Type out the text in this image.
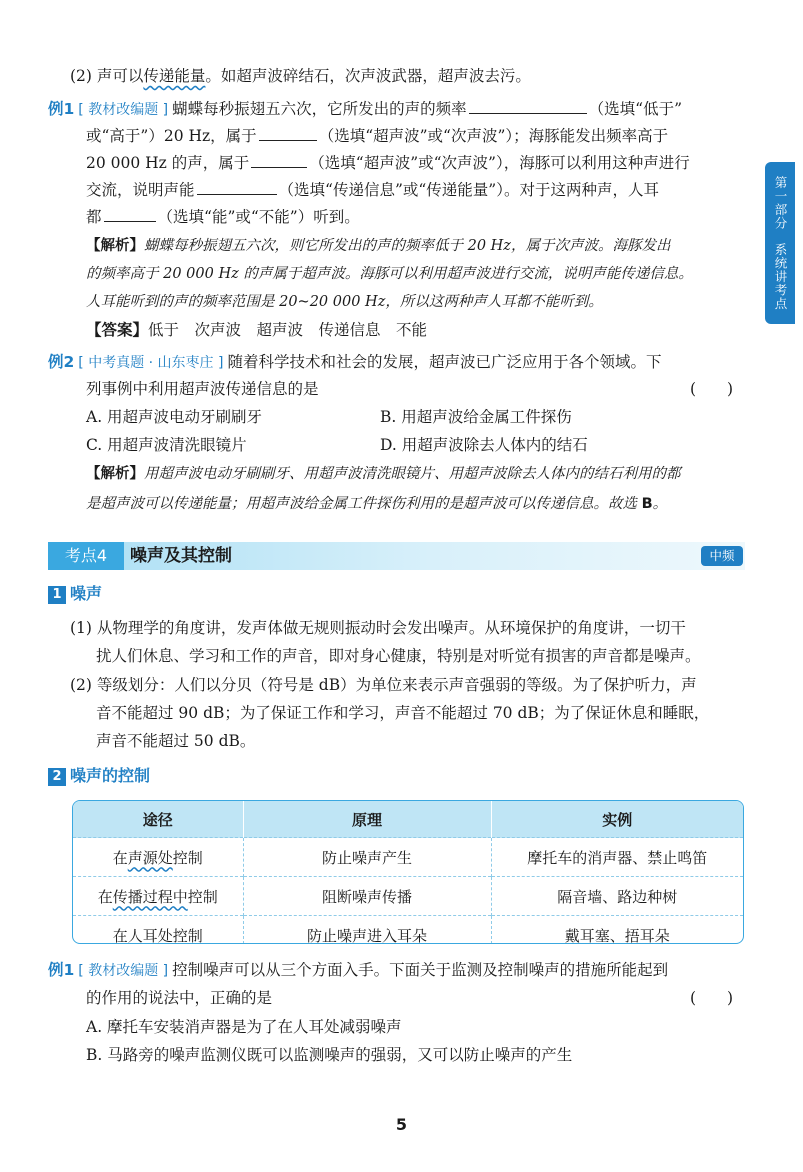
(2) 声可以传递能量。如超声波碎结石，次声波武器，超声波去污。
例1 [ 教材改编题 ] 蝴蝶每秒振翅五六次，它所发出的声的频率	（选填“低于”
或“高于”）20 Hz，属于	（选填“超声波”或“次声波”）；海豚能发出频率高于
20 000 Hz 的声，属于	（选填“超声波”或“次声波”），海豚可以利用这种声进行
交流，说明声能	（选填“传递信息”或“传递能量”）。对于这两种声，人耳
都	（选填“能”或“不能”）听到。
【解析】蝴蝶每秒振翅五六次，则它所发出的声的频率低于 20 Hz，属于次声波。海豚发出
的频率高于 20 000 Hz 的声属于超声波。海豚可以利用超声波进行交流，说明声能传递信息。
人耳能听到的声的频率范围是 20~20 000 Hz，所以这两种声人耳都不能听到。
【答案】低于　次声波　超声波　传递信息　不能
第一部分

系统讲考点
例2 [ 中考真题 · 山东枣庄 ] 随着科学技术和社会的发展，超声波已广泛应用于各个领域。下
列事例中利用超声波传递信息的是	(　　)
A. 用超声波电动牙刷刷牙	B. 用超声波给金属工件探伤
C. 用超声波清洗眼镜片	D. 用超声波除去人体内的结石
【解析】用超声波电动牙刷刷牙、用超声波清洗眼镜片、用超声波除去人体内的结石利用的都
是超声波可以传递能量；用超声波给金属工件探伤利用的是超声波可以传递信息。故选 B。
考点4	噪声及其控制	中频
1 噪声
(1) 从物理学的角度讲，发声体做无规则振动时会发出噪声。从环境保护的角度讲，一切干
扰人们休息、学习和工作的声音，即对身心健康，特别是对听觉有损害的声音都是噪声。
(2) 等级划分：人们以分贝（符号是 dB）为单位来表示声音强弱的等级。为了保护听力，声
音不能超过 90 dB；为了保证工作和学习，声音不能超过 70 dB；为了保证休息和睡眠，
声音不能超过 50 dB。
2 噪声的控制
途径	原理	实例
在声源处控制	防止噪声产生	摩托车的消声器、禁止鸣笛
在传播过程中控制	阻断噪声传播	隔音墙、路边种树
在人耳处控制	防止噪声进入耳朵	戴耳塞、捂耳朵
例1 [ 教材改编题 ] 控制噪声可以从三个方面入手。下面关于监测及控制噪声的措施所能起到
的作用的说法中，正确的是	(　　)
A. 摩托车安装消声器是为了在人耳处减弱噪声
B. 马路旁的噪声监测仪既可以监测噪声的强弱，又可以防止噪声的产生
5
